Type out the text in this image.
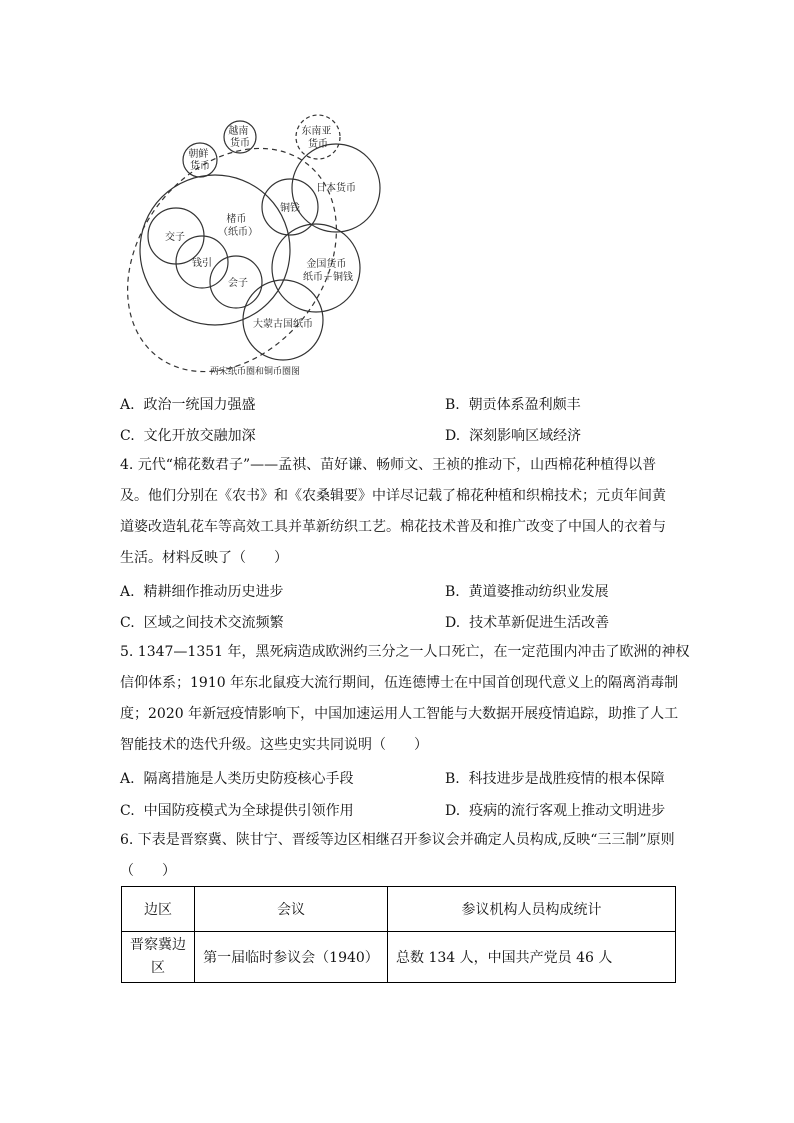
东南亚 货币
越南 货币
朝鲜 货币
日本货币
楮币 （纸币）
铜钱
交子
钱引
会子
金国货币 纸币＋铜钱
大蒙古国纸币
两宋纸币圈和铜币圈图
A. 政治一统国力强盛	B. 朝贡体系盈利颇丰
C. 文化开放交融加深	D. 深刻影响区域经济
4. 元代“棉花数君子”——孟祺、苗好谦、畅师文、王祯的推动下，山西棉花种植得以普
及。他们分别在《农书》和《农桑辑要》中详尽记载了棉花种植和织棉技术；元贞年间黄
道婆改造轧花车等高效工具并革新纺织工艺。棉花技术普及和推广改变了中国人的衣着与
生活。材料反映了（　　）
A. 精耕细作推动历史进步	B. 黄道婆推动纺织业发展
C. 区域之间技术交流频繁	D. 技术革新促进生活改善
5. 1347—1351 年，黑死病造成欧洲约三分之一人口死亡，在一定范围内冲击了欧洲的神权
信仰体系；1910 年东北鼠疫大流行期间，伍连德博士在中国首创现代意义上的隔离消毒制
度；2020 年新冠疫情影响下，中国加速运用人工智能与大数据开展疫情追踪，助推了人工
智能技术的迭代升级。这些史实共同说明（　　）
A. 隔离措施是人类历史防疫核心手段	B. 科技进步是战胜疫情的根本保障
C. 中国防疫模式为全球提供引领作用	D. 疫病的流行客观上推动文明进步
6. 下表是晋察冀、陕甘宁、晋绥等边区相继召开参议会并确定人员构成,反映“三三制”原则
（　　）
边区	会议	参议机构人员构成统计
晋察冀边
区	第一届临时参议会（1940）	总数 134 人，中国共产党员 46 人
